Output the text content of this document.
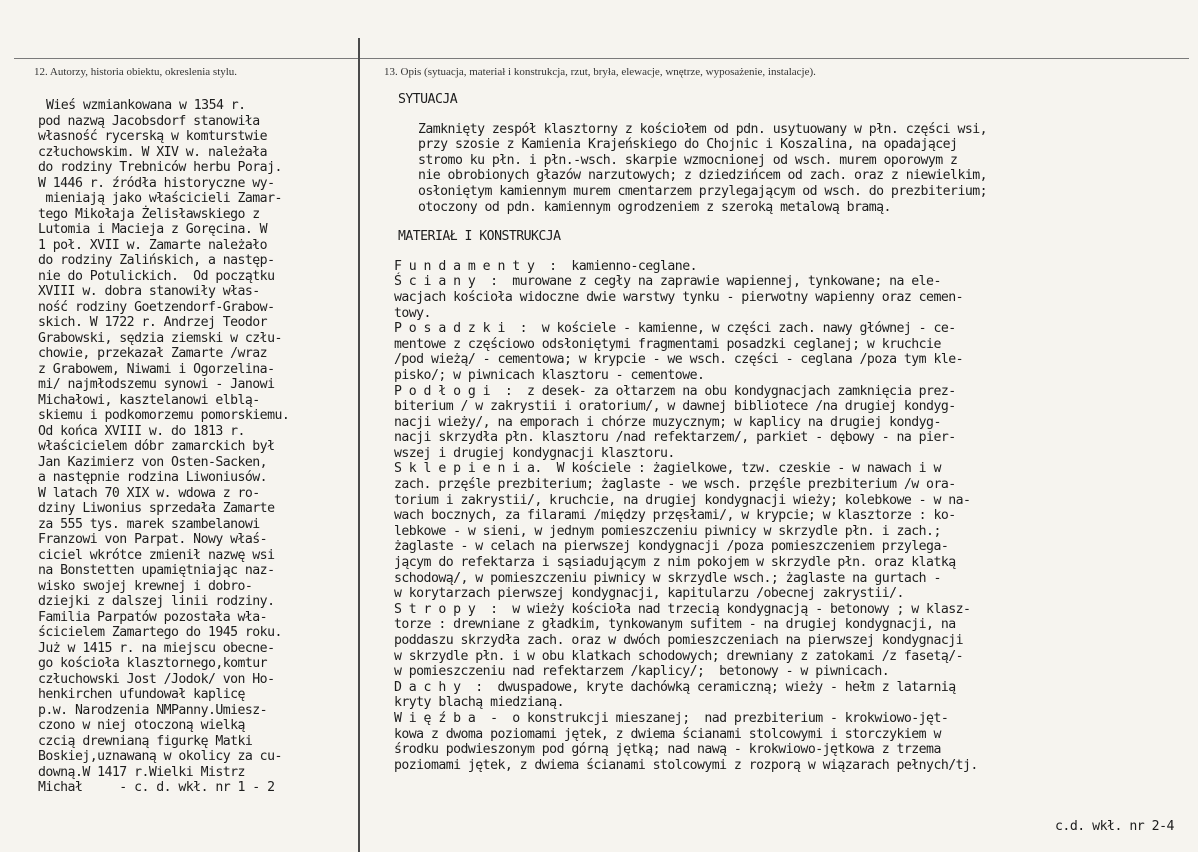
12. Autorzy, historia obiektu, okreslenia stylu.	13. Opis (sytuacja, materiał i konstrukcja, rzut, bryła, elewacje, wnętrze, wyposażenie, instalacje).
Wieś wzmiankowana w 1354 r.
pod nazwą Jacobsdorf stanowiła
własność rycerską w komturstwie
człuchowskim. W XIV w. należała
do rodziny Trebniców herbu Poraj.
W 1446 r. źródła historyczne wy-
mieniają jako właścicieli Zamar-
tego Mikołaja Żelisławskiego z
Lutomia i Macieja z Goręcina. W
1 poł. XVII w. Zamarte należało
do rodziny Zalińskich, a następ-
nie do Potulickich.  Od początku
XVIII w. dobra stanowiły włas-
ność rodziny Goetzendorf-Grabow-
skich. W 1722 r. Andrzej Teodor
Grabowski, sędzia ziemski w człu-
chowie, przekazał Zamarte /wraz
z Grabowem, Niwami i Ogorzelina-
mi/ najmłodszemu synowi - Janowi
Michałowi, kasztelanowi elblą-
skiemu i podkomorzemu pomorskiemu.
Od końca XVIII w. do 1813 r.
właścicielem dóbr zamarckich był
Jan Kazimierz von Osten-Sacken,
a następnie rodzina Liwoniusów.
W latach 70 XIX w. wdowa z ro-
dziny Liwonius sprzedała Zamarte
za 555 tys. marek szambelanowi
Franzowi von Parpat. Nowy właś-
ciciel wkrótce zmienił nazwę wsi
na Bonstetten upamiętniając naz-
wisko swojej krewnej i dobro-
dziejki z dalszej linii rodziny.
Familia Parpatów pozostała wła-
ścicielem Zamartego do 1945 roku.
Już w 1415 r. na miejscu obecne-
go kościoła klasztornego,komtur
człuchowski Jost /Jodok/ von Ho-
henkirchen ufundował kaplicę
p.w. Narodzenia NMPanny.Umiesz-
czono w niej otoczoną wielką
czcią drewnianą figurkę Matki
Boskiej,uznawaną w okolicy za cu-
downą.W 1417 r.Wielki Mistrz
Michał     - c. d. wkł. nr 1 - 2
SYTUACJA
Zamknięty zespół klasztorny z kościołem od pdn. usytuowany w płn. części wsi,
przy szosie z Kamienia Krajeńskiego do Chojnic i Koszalina, na opadającej
stromo ku płn. i płn.-wsch. skarpie wzmocnionej od wsch. murem oporowym z
nie obrobionych głazów narzutowych; z dziedzińcem od zach. oraz z niewielkim,
osłoniętym kamiennym murem cmentarzem przylegającym od wsch. do prezbiterium;
otoczony od pdn. kamiennym ogrodzeniem z szeroką metalową bramą.
MATERIAŁ I KONSTRUKCJA
F u n d a m e n t y  :  kamienno-ceglane.
Ś c i a n y  :  murowane z cegły na zaprawie wapiennej, tynkowane; na ele-
wacjach kościoła widoczne dwie warstwy tynku - pierwotny wapienny oraz cemen-
towy.
P o s a d z k i  :  w kościele - kamienne, w części zach. nawy głównej - ce-
mentowe z częściowo odsłoniętymi fragmentami posadzki ceglanej; w kruchcie
/pod wieżą/ - cementowa; w krypcie - we wsch. części - ceglana /poza tym kle-
pisko/; w piwnicach klasztoru - cementowe.
P o d ł o g i  :  z desek- za ołtarzem na obu kondygnacjach zamknięcia prez-
biterium / w zakrystii i oratorium/, w dawnej bibliotece /na drugiej kondyg-
nacji wieży/, na emporach i chórze muzycznym; w kaplicy na drugiej kondyg-
nacji skrzydła płn. klasztoru /nad refektarzem/, parkiet - dębowy - na pier-
wszej i drugiej kondygnacji klasztoru.
S k l e p i e n i a.  W kościele : żagielkowe, tzw. czeskie - w nawach i w
zach. przęśle prezbiterium; żaglaste - we wsch. przęśle prezbiterium /w ora-
torium i zakrystii/, kruchcie, na drugiej kondygnacji wieży; kolebkowe - w na-
wach bocznych, za filarami /między przęsłami/, w krypcie; w klasztorze : ko-
lebkowe - w sieni, w jednym pomieszczeniu piwnicy w skrzydle płn. i zach.;
żaglaste - w celach na pierwszej kondygnacji /poza pomieszczeniem przylega-
jącym do refektarza i sąsiadującym z nim pokojem w skrzydle płn. oraz klatką
schodową/, w pomieszczeniu piwnicy w skrzydle wsch.; żaglaste na gurtach -
w korytarzach pierwszej kondygnacji, kapitularzu /obecnej zakrystii/.
S t r o p y  :  w wieży kościoła nad trzecią kondygnacją - betonowy ; w klasz-
torze : drewniane z gładkim, tynkowanym sufitem - na drugiej kondygnacji, na
poddaszu skrzydła zach. oraz w dwóch pomieszczeniach na pierwszej kondygnacji
w skrzydle płn. i w obu klatkach schodowych; drewniany z zatokami /z fasetą/-
w pomieszczeniu nad refektarzem /kaplicy/;  betonowy - w piwnicach.
D a c h y  :  dwuspadowe, kryte dachówką ceramiczną; wieży - hełm z latarnią
kryty blachą miedzianą.
W i ę ź b a  -  o konstrukcji mieszanej;  nad prezbiterium - krokwiowo-jęt-
kowa z dwoma poziomami jętek, z dwiema ścianami stolcowymi i storczykiem w
środku podwieszonym pod górną jętką; nad nawą - krokwiowo-jętkowa z trzema
poziomami jętek, z dwiema ścianami stolcowymi z rozporą w wiązarach pełnych/tj.
c.d. wkł. nr 2-4
